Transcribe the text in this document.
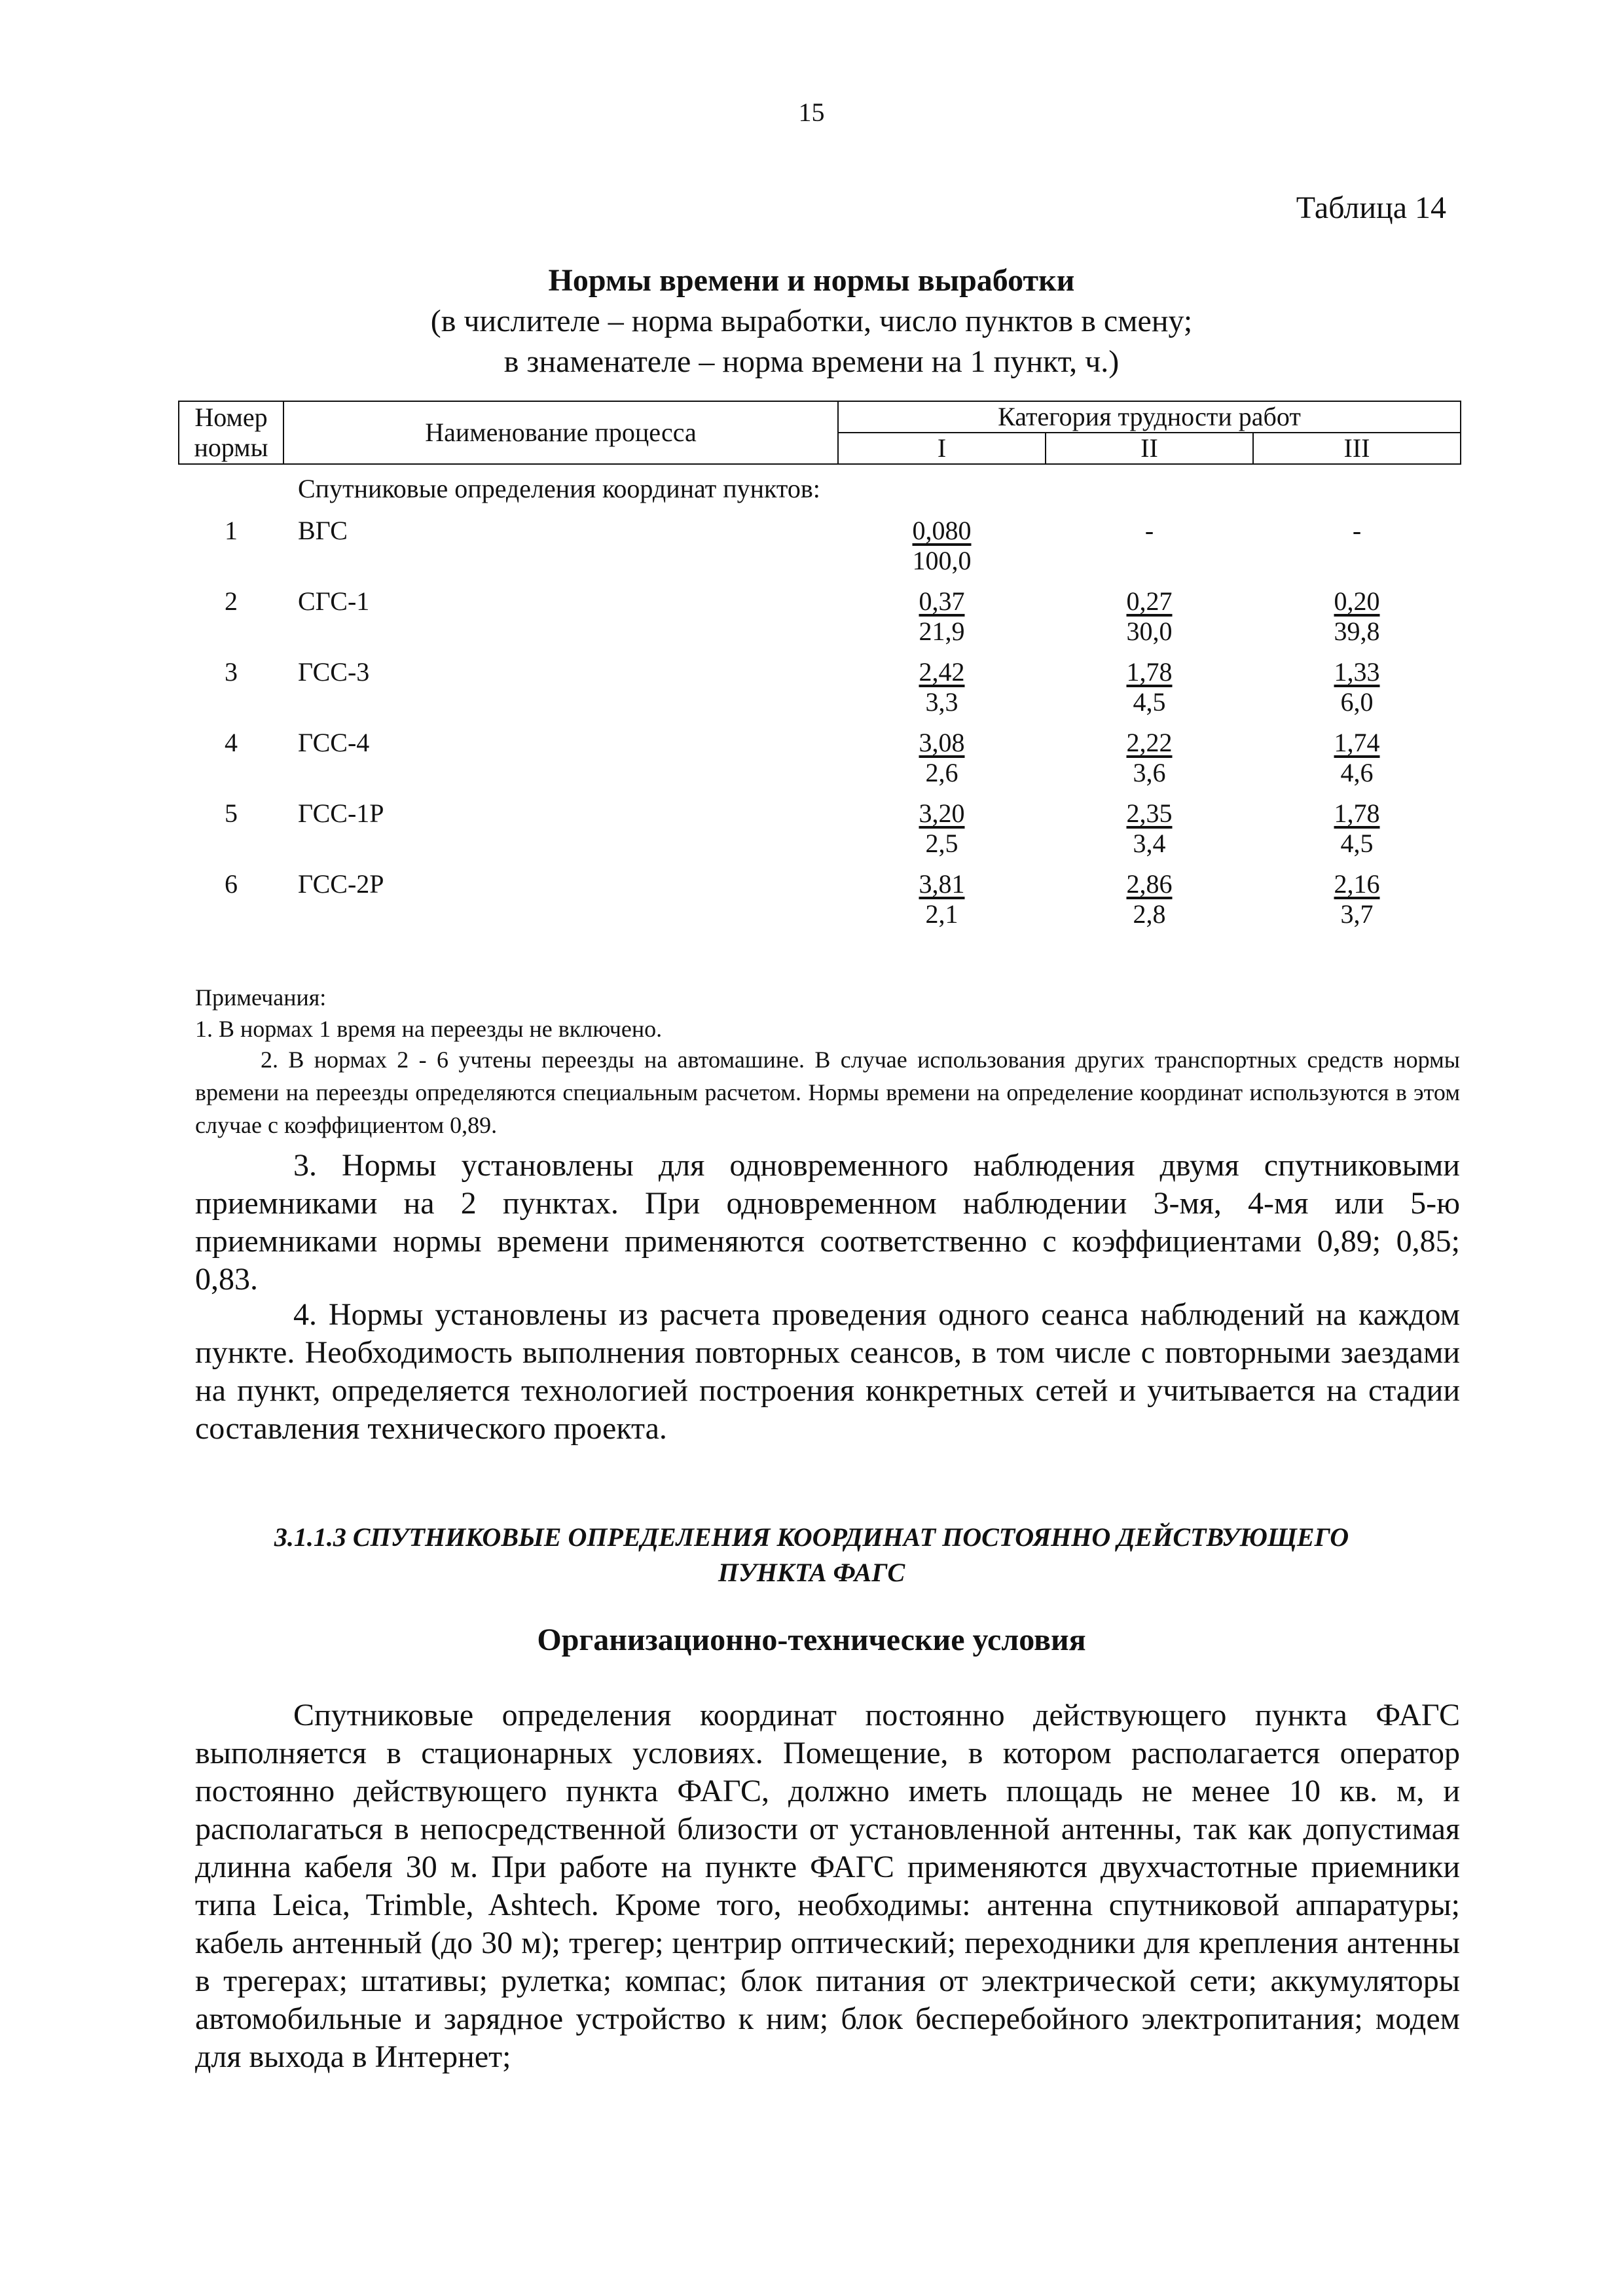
15
Таблица 14
Нормы времени и нормы выработки
(в числителе – норма выработки, число пунктов в смену;
в знаменателе – норма времени на 1 пункт, ч.)
Номер
нормы	Наименование процесса	Категория трудности работ		
		I	II	III
	Спутниковые определения координат пунктов:			
1	ВГС	$\frac{0,080}{100,0}$	-	-
2	СГС-1	$\frac{0,37}{21,9}$	$\frac{0,27}{30,0}$	$\frac{0,20}{39,8}$

3	ГСС-3	$\frac{2,42}{3,3}$	$\frac{1,78}{4,5}$	$\frac{1,33}{6,0}$

4	ГСС-4	$\frac{3,08}{2,6}$	$\frac{2,22}{3,6}$	$\frac{1,74}{4,6}$

5	ГСС-1Р	$\frac{3,20}{2,5}$	$\frac{2,35}{3,4}$	$\frac{1,78}{4,5}$

6	ГСС-2Р	$\frac{3,81}{2,1}$	$\frac{2,86}{2,8}$	$\frac{2,16}{3,7}$

Примечания:

1. В нормах 1 время на переезды не включено.

2. В нормах 2 - 6 учтены переезды на автомашине. В случае использования других транспортных средств нормы времени на переезды определяются специальным расчетом. Нормы времени на определение координат используются в этом случае с коэффициентом 0,89.

3. Нормы установлены для одновременного наблюдения двумя спутниковыми приемниками на 2 пунктах. При одновременном наблюдении 3-мя, 4-мя или 5-ю приемниками нормы времени применяются соответственно с коэффициентами 0,89; 0,85; 0,83.

4. Нормы установлены из расчета проведения одного сеанса наблюдений на каждом пункте. Необходимость выполнения повторных сеансов, в том числе с повторными заездами на пункт, определяется технологией построения конкретных сетей и учитывается на стадии составления технического проекта.

3.1.1.3 СПУТНИКОВЫЕ ОПРЕДЕЛЕНИЯ КООРДИНАТ ПОСТОЯННО ДЕЙСТВУЮЩЕГО
ПУНКТА ФАГС
Организационно-технические условия

Спутниковые определения координат постоянно действующего пункта ФАГС выполняется в стационарных условиях. Помещение, в котором располагается оператор постоянно действующего пункта ФАГС, должно иметь площадь не менее 10 кв. м, и располагаться в непосредственной близости от установленной антенны, так как допустимая длинна кабеля 30 м. При работе на пункте ФАГС применяются двухчастотные приемники типа Leica, Trimble, Ashtech. Кроме того, необходимы: антенна спутниковой аппаратуры; кабель антенный (до 30 м); трегер; центрир оптический; переходники для крепления антенны в трегерах; штативы; рулетка; компас; блок питания от электрической сети; аккумуляторы автомобильные и зарядное устройство к ним; блок бесперебойного электропитания; модем для выхода в Интернет;
